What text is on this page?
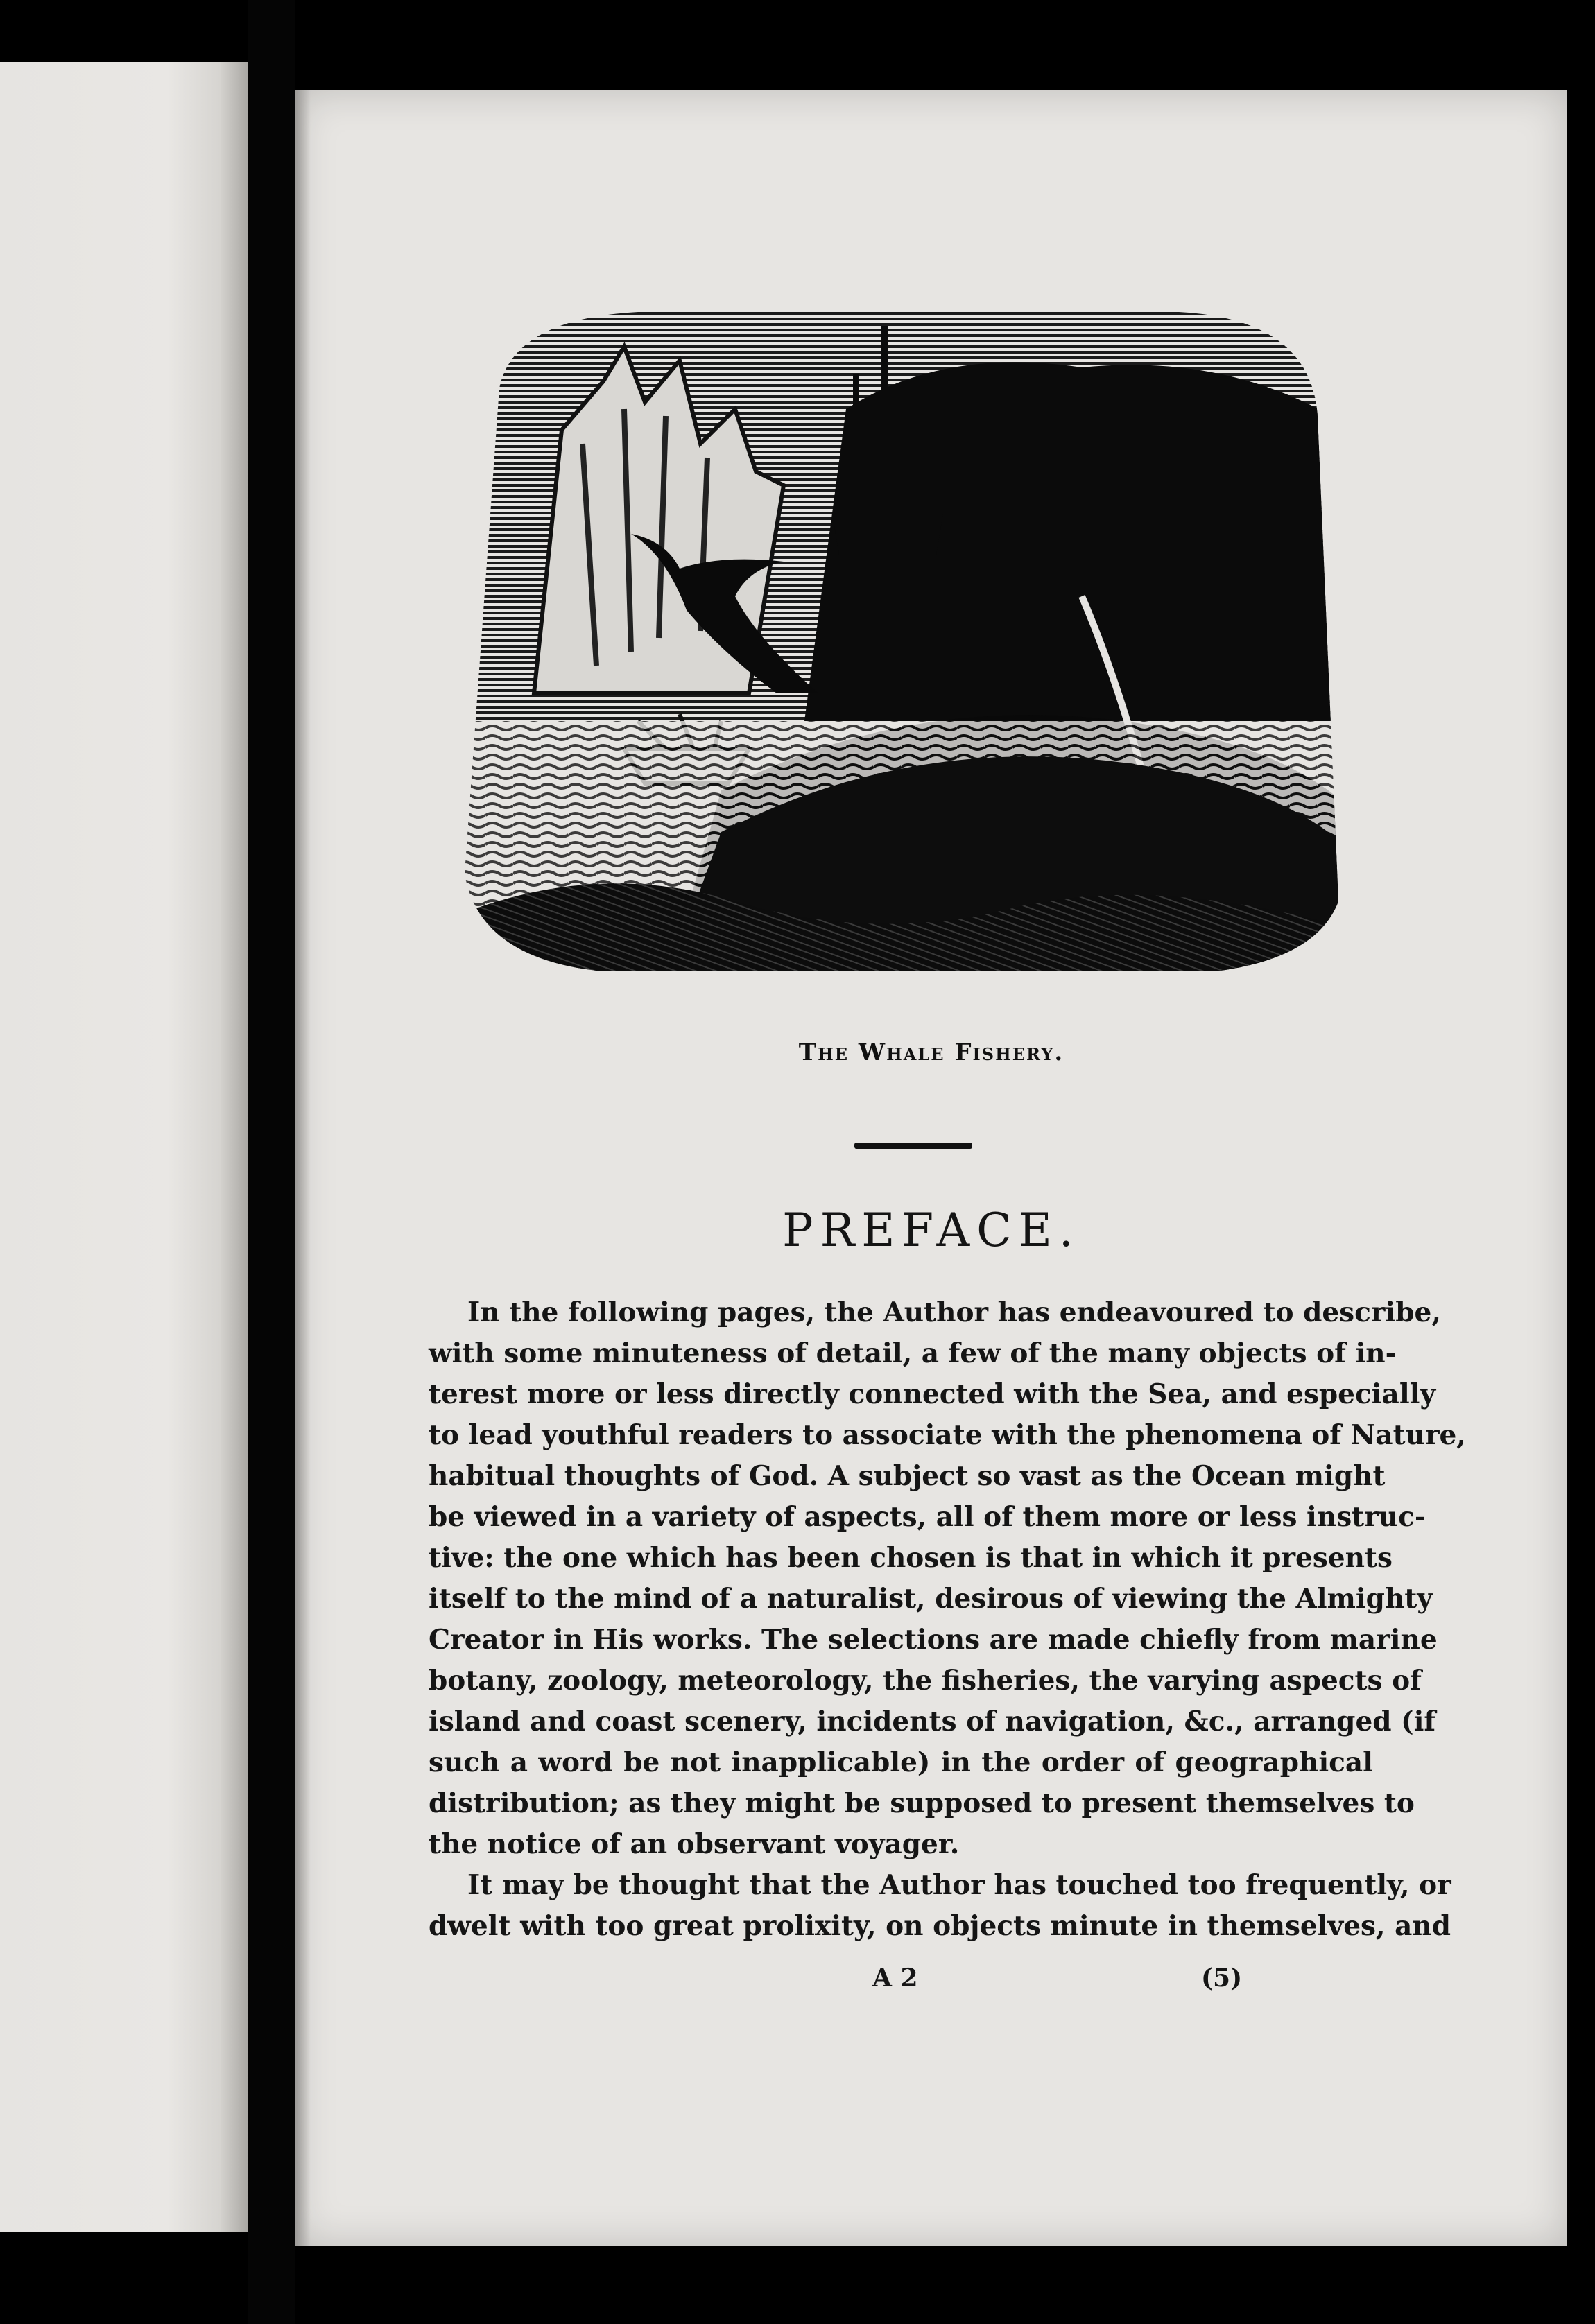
The Whale Fishery.
PREFACE.
In the following pages, the Author has endeavoured to describe,
with some minuteness of detail, a few of the many objects of in-
terest more or less directly connected with the Sea, and especially
to lead youthful readers to associate with the phenomena of Nature,
habitual thoughts of God. A subject so vast as the Ocean might
be viewed in a variety of aspects, all of them more or less instruc-
tive: the one which has been chosen is that in which it presents
itself to the mind of a naturalist, desirous of viewing the Almighty
Creator in His works. The selections are made chiefly from marine
botany, zoology, meteorology, the fisheries, the varying aspects of
island and coast scenery, incidents of navigation, &c., arranged (if
such a word be not inapplicable) in the order of geographical
distribution; as they might be supposed to present themselves to
the notice of an observant voyager.
It may be thought that the Author has touched too frequently, or
dwelt with too great prolixity, on objects minute in themselves, and
A 2	(5)
